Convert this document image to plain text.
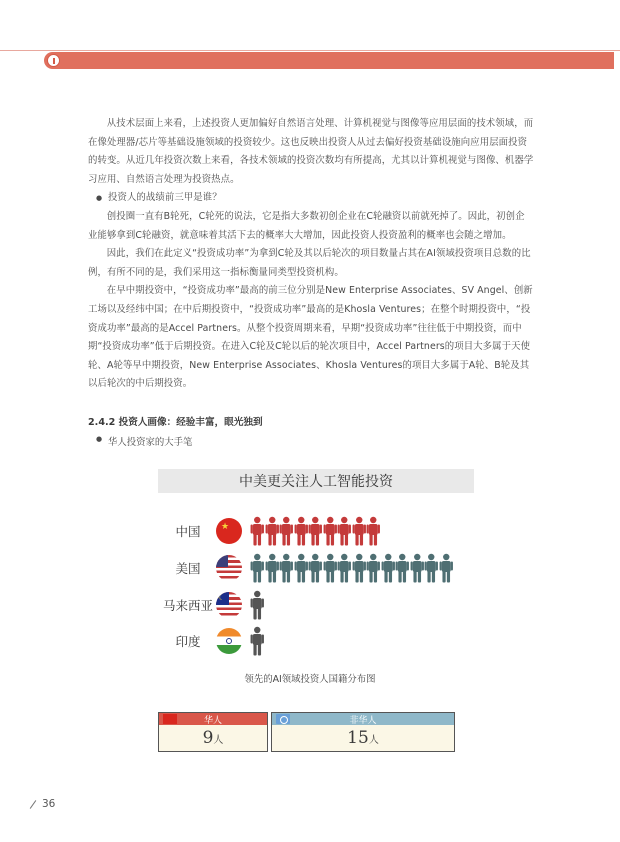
从技术层面上来看，上述投资人更加偏好自然语言处理、计算机视觉与图像等应用层面的技术领域，而在像处理器/芯片等基础设施领域的投资较少。这也反映出投资人从过去偏好投资基础设施向应用层面投资的转变。从近几年投资次数上来看，各技术领域的投资次数均有所提高，尤其以计算机视觉与图像、机器学习应用、自然语言处理为投资热点。

● 投资人的战绩前三甲是谁？

创投圈一直有B轮死，C轮死的说法，它是指大多数初创企业在C轮融资以前就死掉了。因此，初创企业能够拿到C轮融资，就意味着其活下去的概率大大增加，因此投资人投资盈利的概率也会随之增加。

因此，我们在此定义“投资成功率”为拿到C轮及其以后轮次的项目数量占其在AI领域投资项目总数的比例，有所不同的是，我们采用这一指标衡量同类型投资机构。

在早中期投资中，“投资成功率”最高的前三位分别是New Enterprise Associates、SV Angel、创新工场以及经纬中国；在中后期投资中，“投资成功率”最高的是Khosla Ventures；在整个时期投资中，“投资成功率”最高的是Accel Partners。从整个投资周期来看，早期“投资成功率”往往低于中期投资，而中期“投资成功率”低于后期投资。在进入C轮及C轮以后的轮次项目中，Accel Partners的项目大多属于天使轮、A轮等早中期投资，New Enterprise Associates、Khosla Ventures的项目大多属于A轮、B轮及其以后轮次的中后期投资。

2.4.2 投资人画像：经验丰富，眼光独到
● 华人投资家的大手笔
中美更关注人工智能投资
中国	★
美国
马来西亚
☾
印度
领先的AI领域投资人国籍分布图
华人
9人
非华人
15人
36
